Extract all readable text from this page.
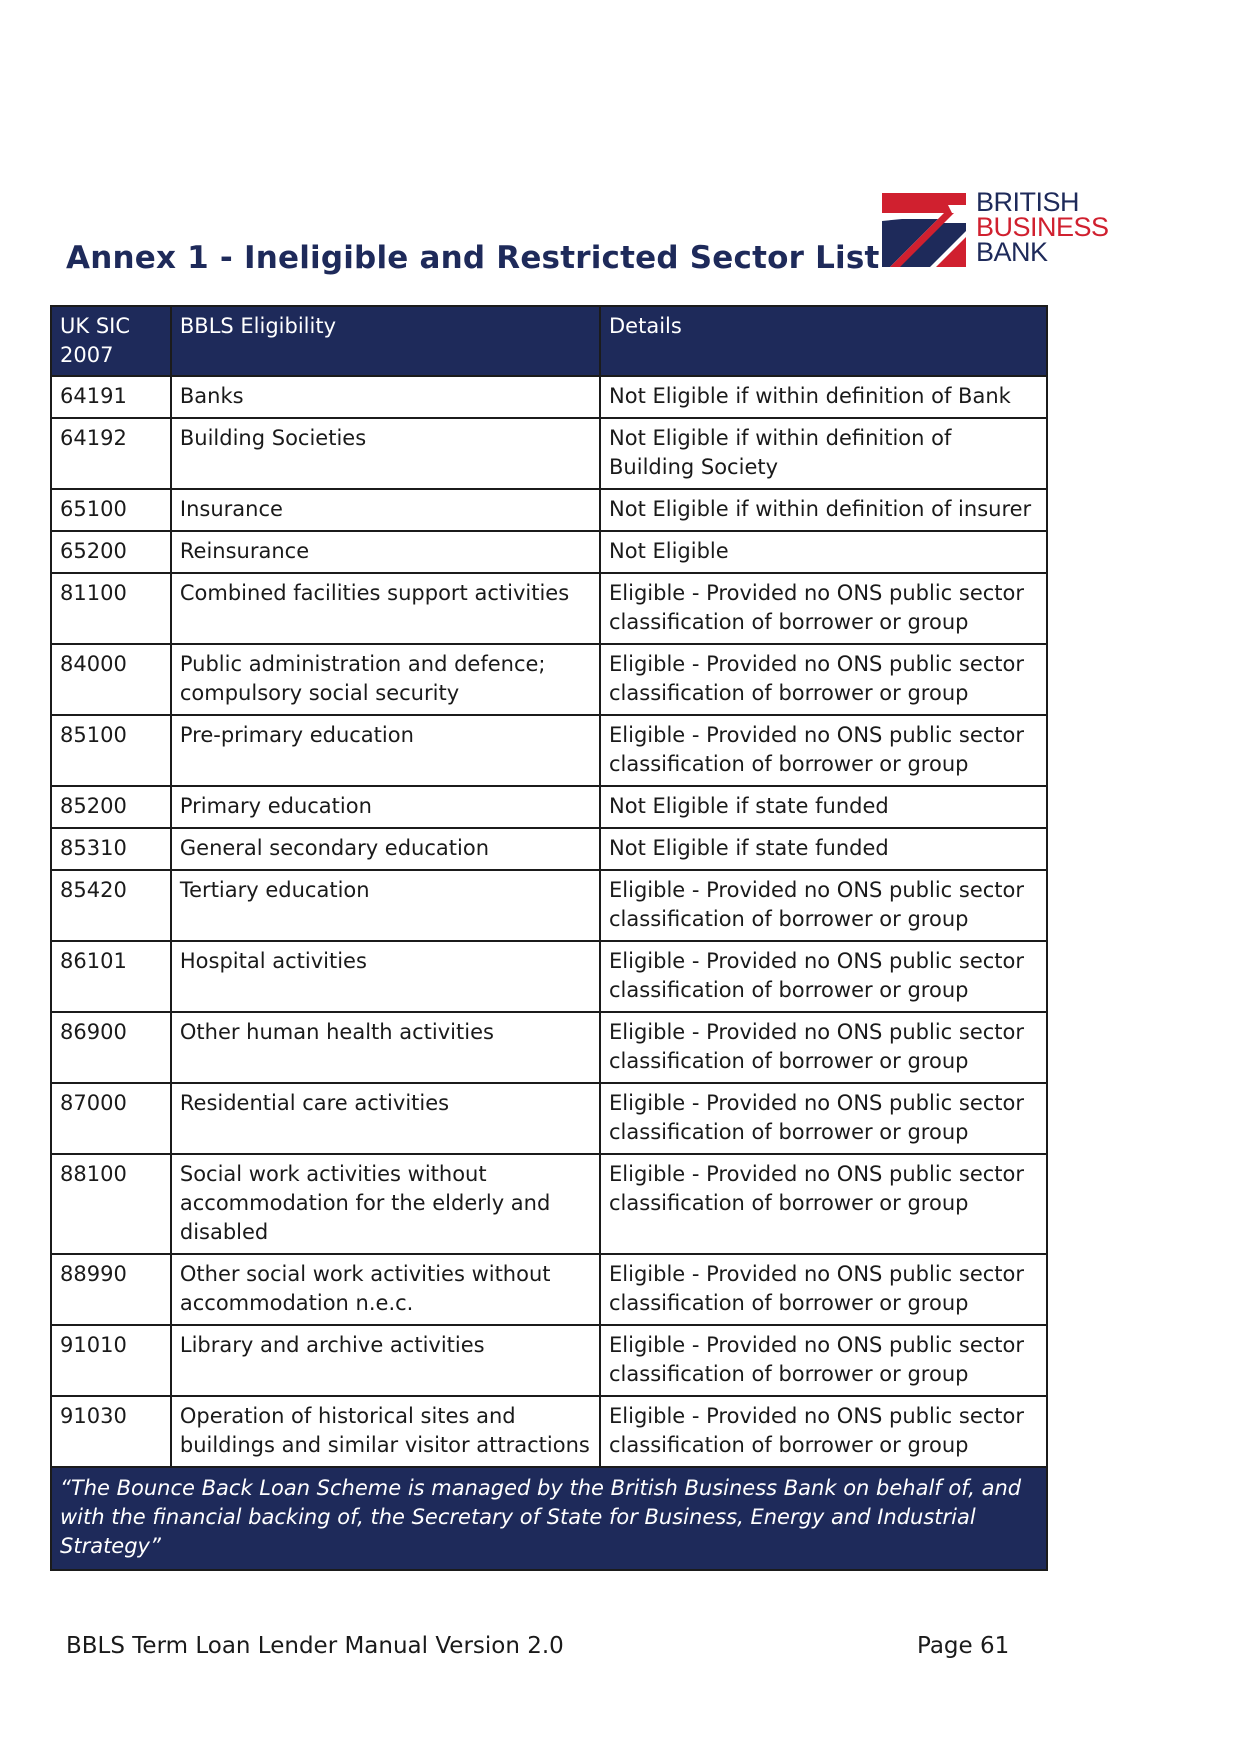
BRITISH
BUSINESS
BANK
Annex 1 - Ineligible and Restricted Sector List
UK SIC 2007	BBLS Eligibility	Details
64191	Banks	Not Eligible if within definition of Bank
64192	Building Societies	Not Eligible if within definition of Building Society
65100	Insurance	Not Eligible if within definition of insurer
65200	Reinsurance	Not Eligible
81100	Combined facilities support activities	Eligible - Provided no ONS public sector classification of borrower or group
84000	Public administration and defence; compulsory social security	Eligible - Provided no ONS public sector classification of borrower or group
85100	Pre-primary education	Eligible - Provided no ONS public sector classification of borrower or group
85200	Primary education	Not Eligible if state funded
85310	General secondary education	Not Eligible if state funded
85420	Tertiary education	Eligible - Provided no ONS public sector classification of borrower or group
86101	Hospital activities	Eligible - Provided no ONS public sector classification of borrower or group
86900	Other human health activities	Eligible - Provided no ONS public sector classification of borrower or group
87000	Residential care activities	Eligible - Provided no ONS public sector classification of borrower or group
88100	Social work activities without accommodation for the elderly and disabled	Eligible - Provided no ONS public sector classification of borrower or group
88990	Other social work activities without accommodation n.e.c.	Eligible - Provided no ONS public sector classification of borrower or group
91010	Library and archive activities	Eligible - Provided no ONS public sector classification of borrower or group
91030	Operation of historical sites and buildings and similar visitor attractions	Eligible - Provided no ONS public sector classification of borrower or group
“The Bounce Back Loan Scheme is managed by the British Business Bank on behalf of, and with the financial backing of, the Secretary of State for Business, Energy and Industrial Strategy”		
BBLS Term Loan Lender Manual Version 2.0	Page 61
